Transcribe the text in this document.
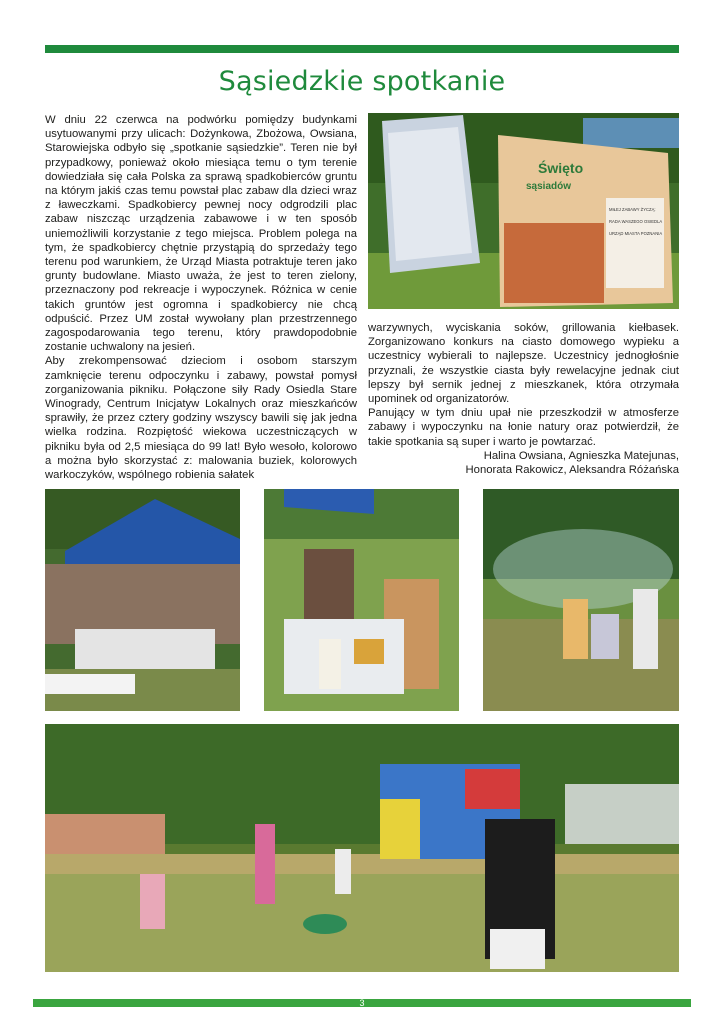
Sąsiedzkie spotkanie

W dniu 22 czerwca na podwórku pomiędzy budynkami usytuowanymi przy ulicach: Dożynkowa, Zbożowa, Owsiana, Starowiejska odbyło się „spotkanie sąsiedzkie”. Teren nie był przypadkowy, ponieważ około miesiąca temu o tym terenie dowiedziała się cała Polska za sprawą spadkobierców gruntu na którym jakiś czas temu powstał plac zabaw dla dzieci wraz z ławeczkami. Spadkobiercy pewnej nocy odgrodzili plac zabaw niszcząc urządzenia zabawowe i w ten sposób uniemożliwili korzystanie z tego miejsca. Problem polega na tym, że spadkobiercy chętnie przystąpią do sprzedaży tego terenu pod warunkiem, że Urząd Miasta potraktuje teren jako grunty budowlane. Miasto uważa, że jest to teren zielony, przeznaczony pod rekreacje i wypoczynek. Różnica w cenie takich gruntów jest ogromna i spadkobiercy nie chcą odpuścić. Przez UM został wywołany plan przestrzennego zagospodarowania tego terenu, który prawdopodobnie zostanie uchwalony na jesień.

Aby zrekompensować dzieciom i osobom starszym zamknięcie terenu odpoczynku i zabawy, powstał pomysł zorganizowania pikniku. Połączone siły Rady Osiedla Stare Winogrady, Centrum Inicjatyw Lokalnych oraz mieszkańców sprawiły, że przez cztery godziny wszyscy bawili się jak jedna wielka rodzina. Rozpiętość wiekowa uczestniczących w pikniku była od 2,5 miesiąca do 99 lat! Było wesoło, kolorowo a można było skorzystać z: malowania buziek, kolorowych warkoczyków, wspólnego robienia sałatek

warzywnych, wyciskania soków, grillowania kiełbasek. Zorganizowano konkurs na ciasto domowego wypieku a uczestnicy wybierali to najlepsze. Uczestnicy jednogłośnie przyznali, że wszystkie ciasta były rewelacyjne jednak ciut lepszy był sernik jednej z mieszkanek, która otrzymała upominek od organizatorów.

Panujący w tym dniu upał nie przeszkodził w atmosferze zabawy i wypoczynku na łonie natury oraz potwierdził, że takie spotkania są super i warto je powtarzać.

Halina Owsiana, Agnieszka Matejunas,

Honorata Rakowicz, Aleksandra Różańska

Święto
sąsiadów
MIŁEJ ZABAWY ŻYCZĄ:
RADA WASZEGO OSIEDLA
URZĄD MIASTA POZNANIA
3
